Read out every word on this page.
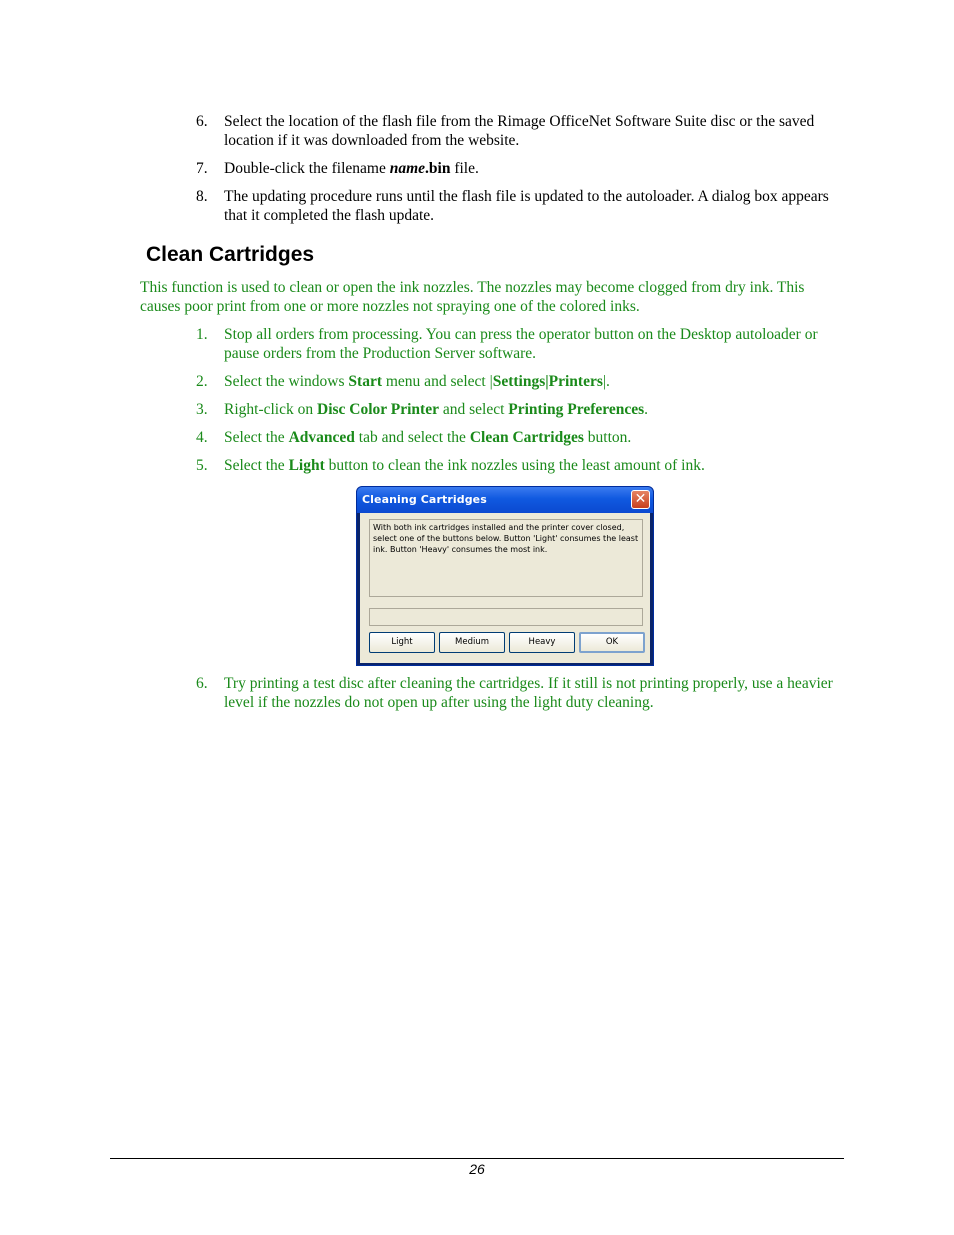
6.	Select the location of the flash file from the Rimage OfficeNet Software Suite disc or the saved location if it was downloaded from the website.
7.	Double-click the filename name.bin file.
8.	The updating procedure runs until the flash file is updated to the autoloader. A dialog box appears that it completed the flash update.
Clean Cartridges

This function is used to clean or open the ink nozzles. The nozzles may become clogged from dry ink. This causes poor print from one or more nozzles not spraying one of the colored inks.

1.	Stop all orders from processing. You can press the operator button on the Desktop autoloader or pause orders from the Production Server software.
2.	Select the windows Start menu and select |Settings|Printers|.
3.	Right-click on Disc Color Printer and select Printing Preferences.
4.	Select the Advanced tab and select the Clean Cartridges button.
5.	Select the Light button to clean the ink nozzles using the least amount of ink.
Cleaning Cartridges	✕
With both ink cartridges installed and the printer cover closed,
select one of the buttons below. Button 'Light' consumes the least
ink. Button 'Heavy' consumes the most ink.
Light	Medium	Heavy	OK
6.	Try printing a test disc after cleaning the cartridges. If it still is not printing properly, use a heavier level if the nozzles do not open up after using the light duty cleaning.
26
